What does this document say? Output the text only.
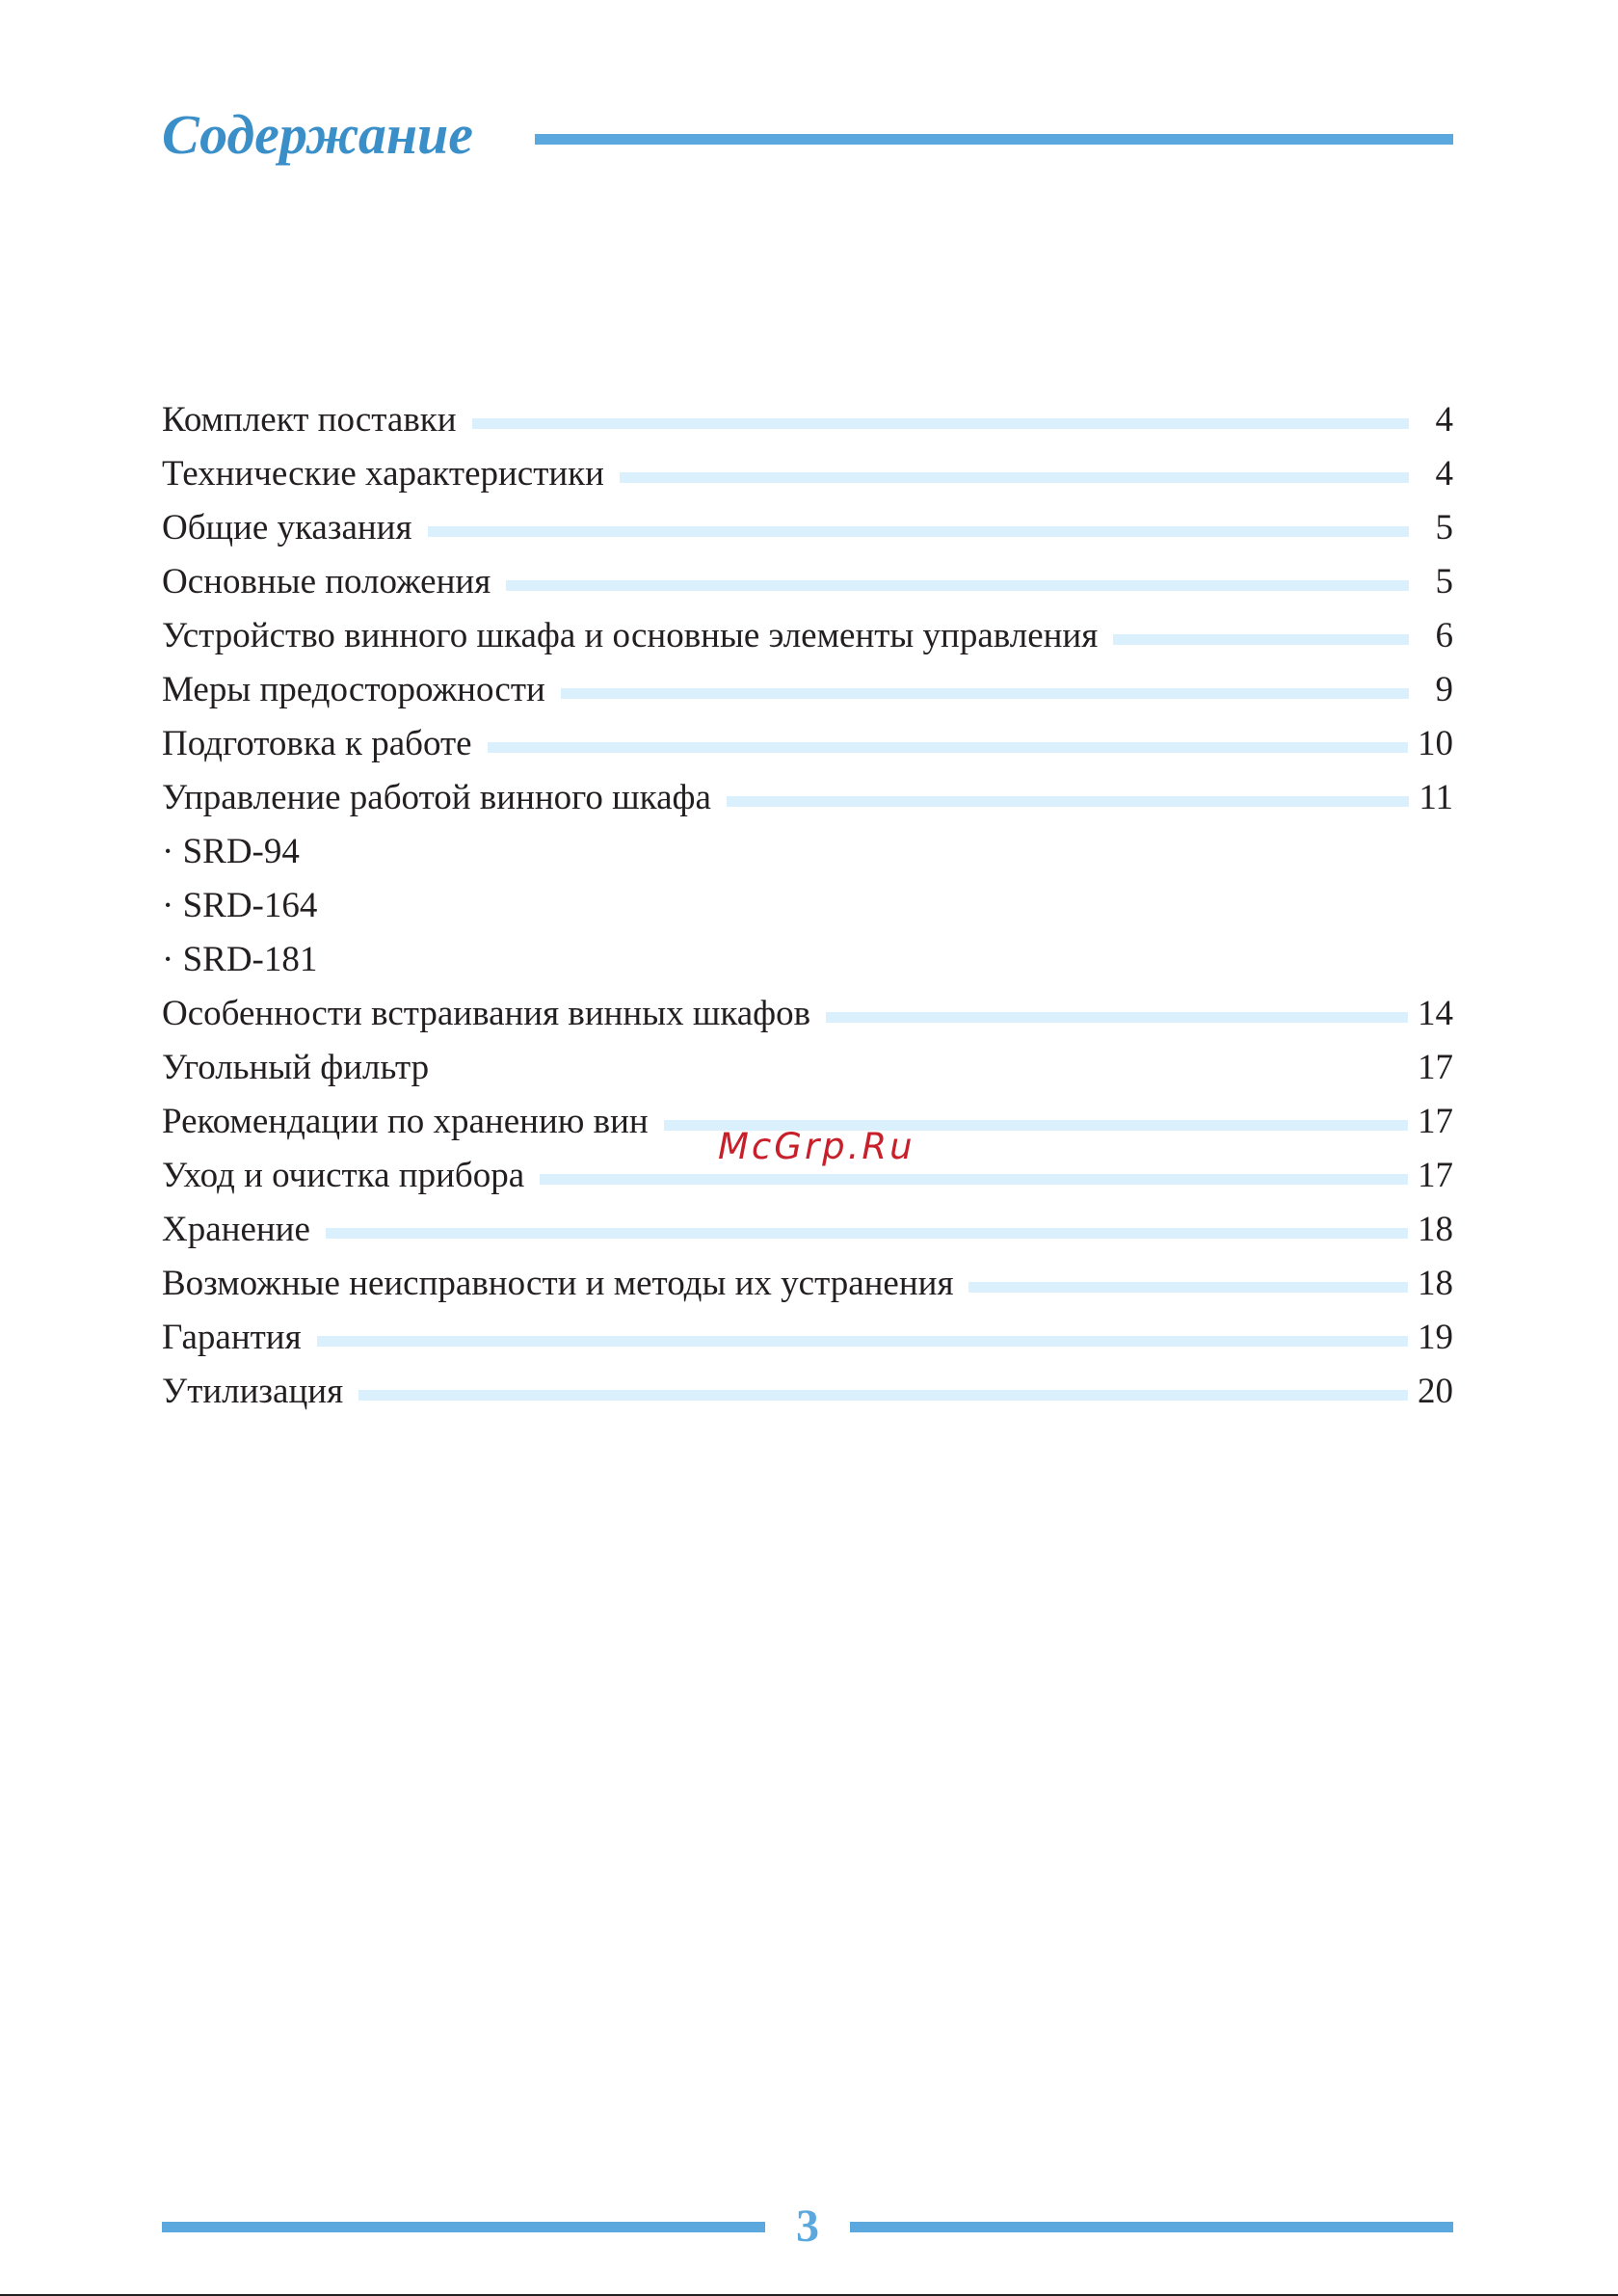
Содержание
Комплект поставки	4
Технические характеристики	4
Общие указания	5
Основные положения	5
Устройство винного шкафа и основные элементы управления	6
Меры предосторожности	9
Подготовка к работе	10
Управление работой винного шкафа	11
· SRD-94
· SRD-164
· SRD-181
Особенности встраивания винных шкафов	14
Угольный фильтр	17
Рекомендации по хранению вин	17
Уход и очистка прибора	17
Хранение	18
Возможные неисправности и методы их устранения	18
Гарантия	19
Утилизация	20
McGrp.Ru
3
